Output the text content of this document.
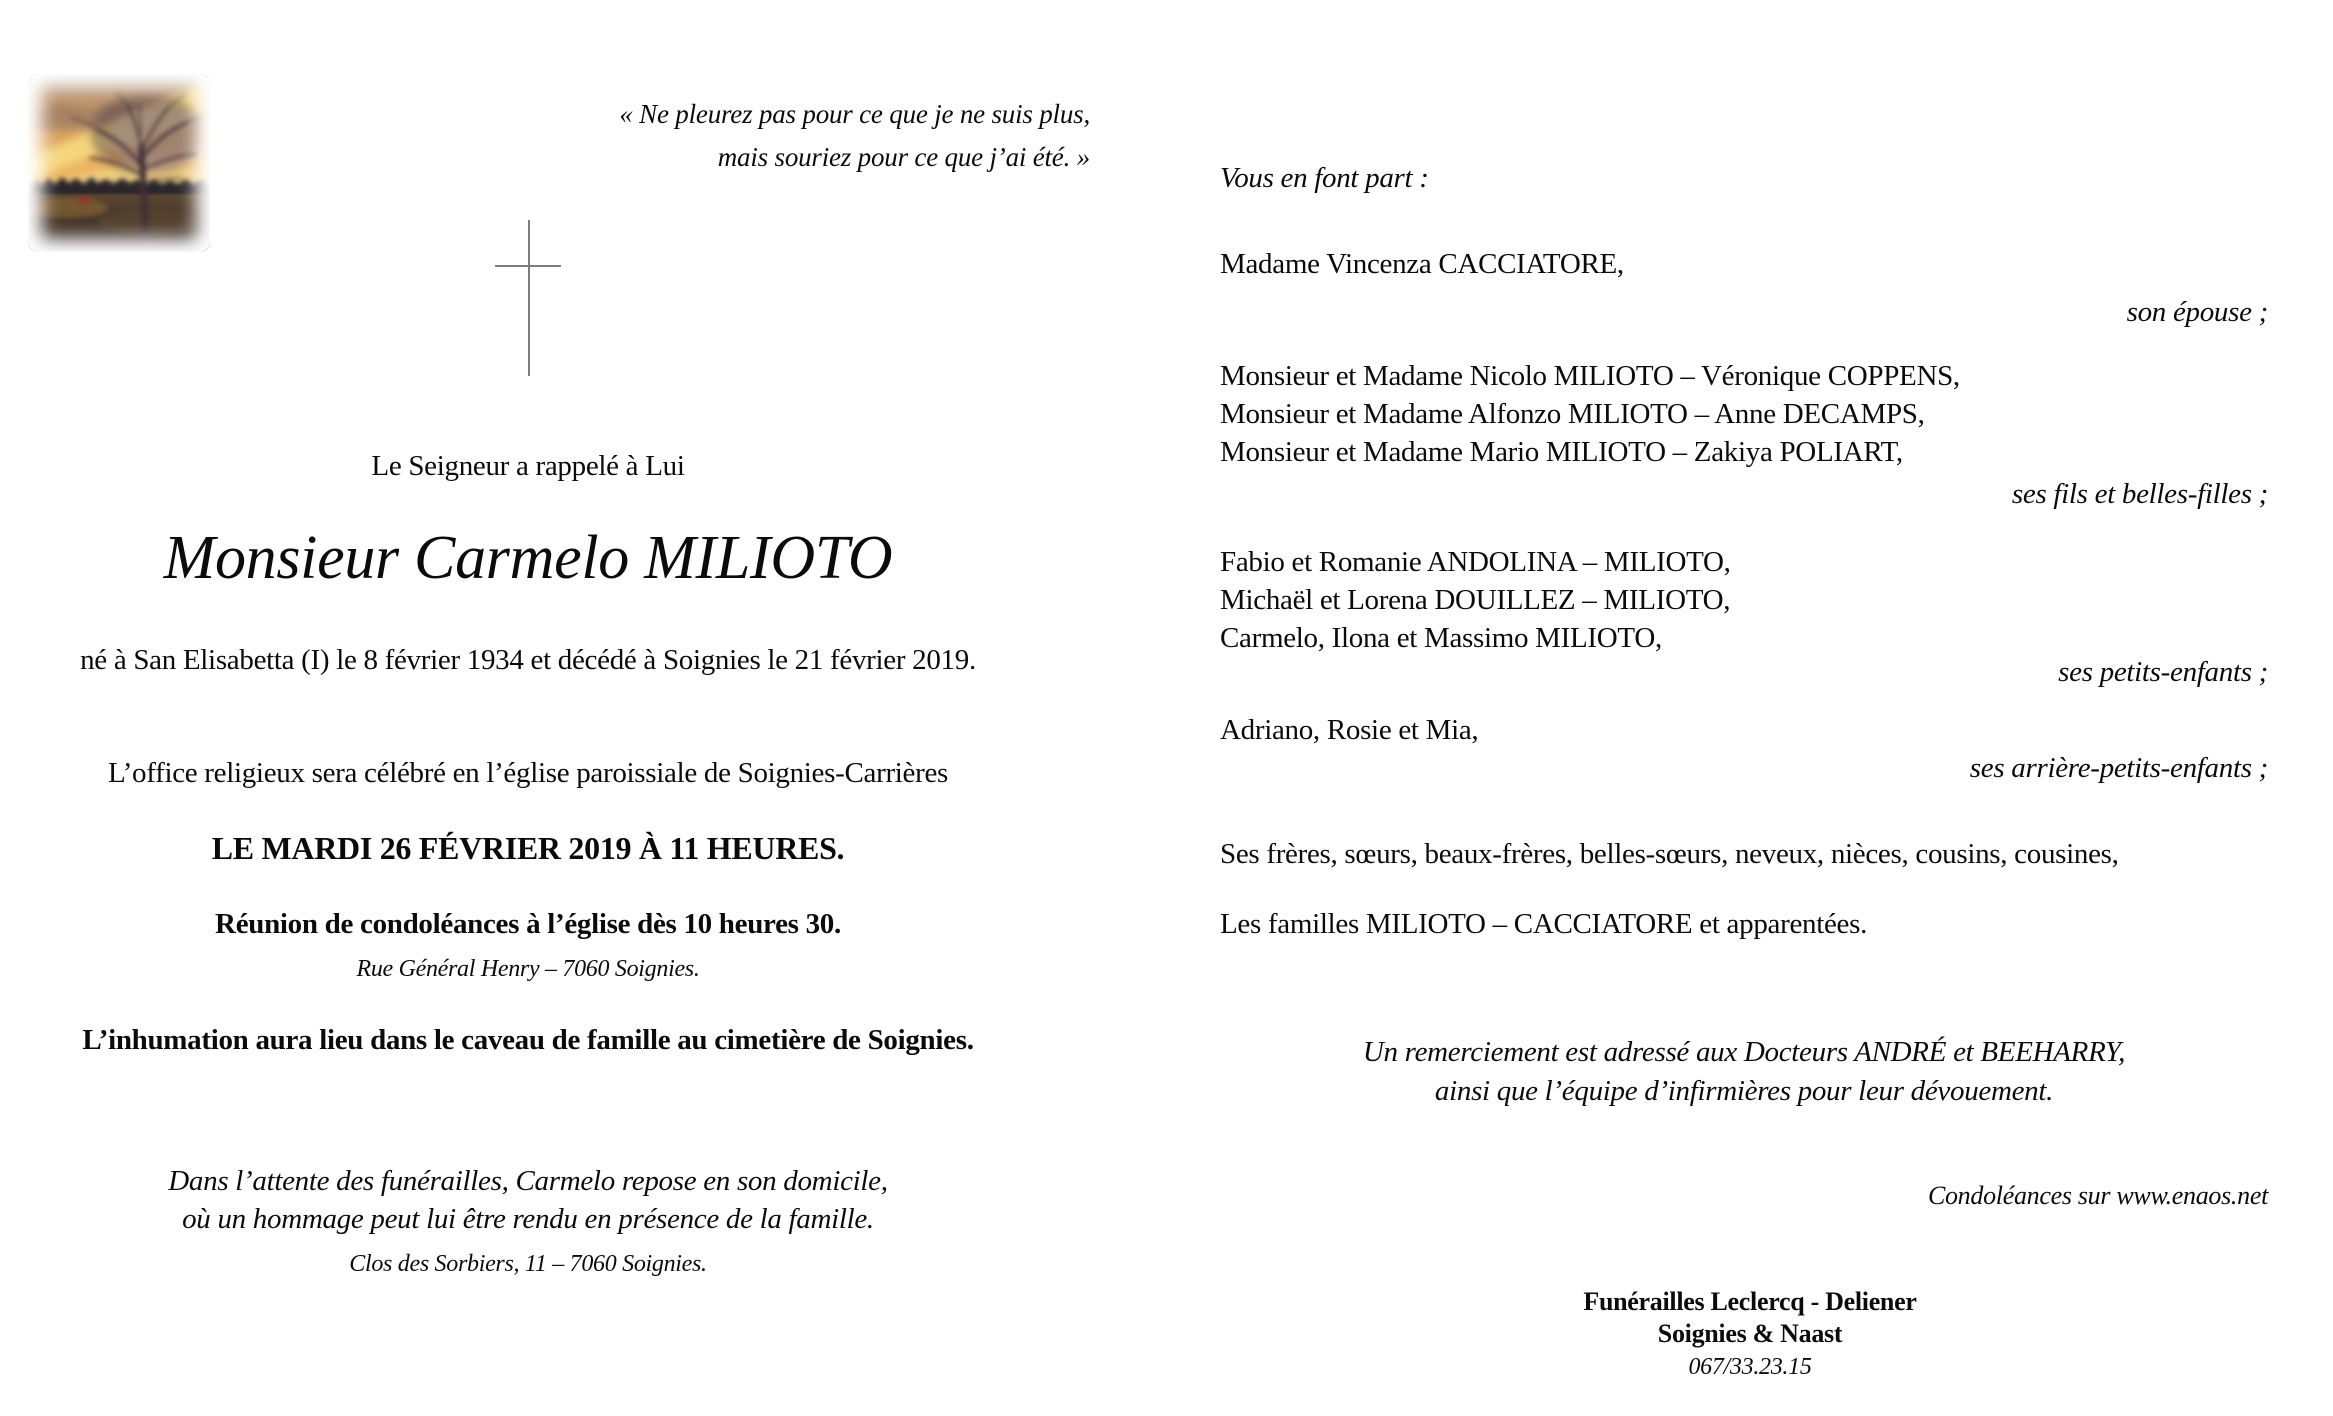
« Ne pleurez pas pour ce que je ne suis plus,
mais souriez pour ce que j’ai été. »
Le Seigneur a rappelé à Lui
Monsieur Carmelo MILIOTO
né à San Elisabetta (I) le 8 février 1934 et décédé à Soignies le 21 février 2019.
L’office religieux sera célébré en l’église paroissiale de Soignies-Carrières
LE MARDI 26 FÉVRIER 2019 À 11 HEURES.
Réunion de condoléances à l’église dès 10 heures 30.
Rue Général Henry – 7060 Soignies.
L’inhumation aura lieu dans le caveau de famille au cimetière de Soignies.
Dans l’attente des funérailles, Carmelo repose en son domicile,
où un hommage peut lui être rendu en présence de la famille.
Clos des Sorbiers, 11 – 7060 Soignies.
Vous en font part :
Madame Vincenza CACCIATORE,
son épouse ;
Monsieur et Madame Nicolo MILIOTO – Véronique COPPENS,
Monsieur et Madame Alfonzo MILIOTO – Anne DECAMPS,
Monsieur et Madame Mario MILIOTO – Zakiya POLIART,
ses fils et belles-filles ;
Fabio et Romanie ANDOLINA – MILIOTO,
Michaël et Lorena DOUILLEZ – MILIOTO,
Carmelo, Ilona et Massimo MILIOTO,
ses petits-enfants ;
Adriano, Rosie et Mia,
ses arrière-petits-enfants ;
Ses frères, sœurs, beaux-frères, belles-sœurs, neveux, nièces, cousins, cousines,
Les familles MILIOTO – CACCIATORE et apparentées.
Un remerciement est adressé aux Docteurs ANDRÉ et BEEHARRY,
ainsi que l’équipe d’infirmières pour leur dévouement.
Condoléances sur www.enaos.net
Funérailles Leclercq - Deliener
Soignies & Naast
067/33.23.15
